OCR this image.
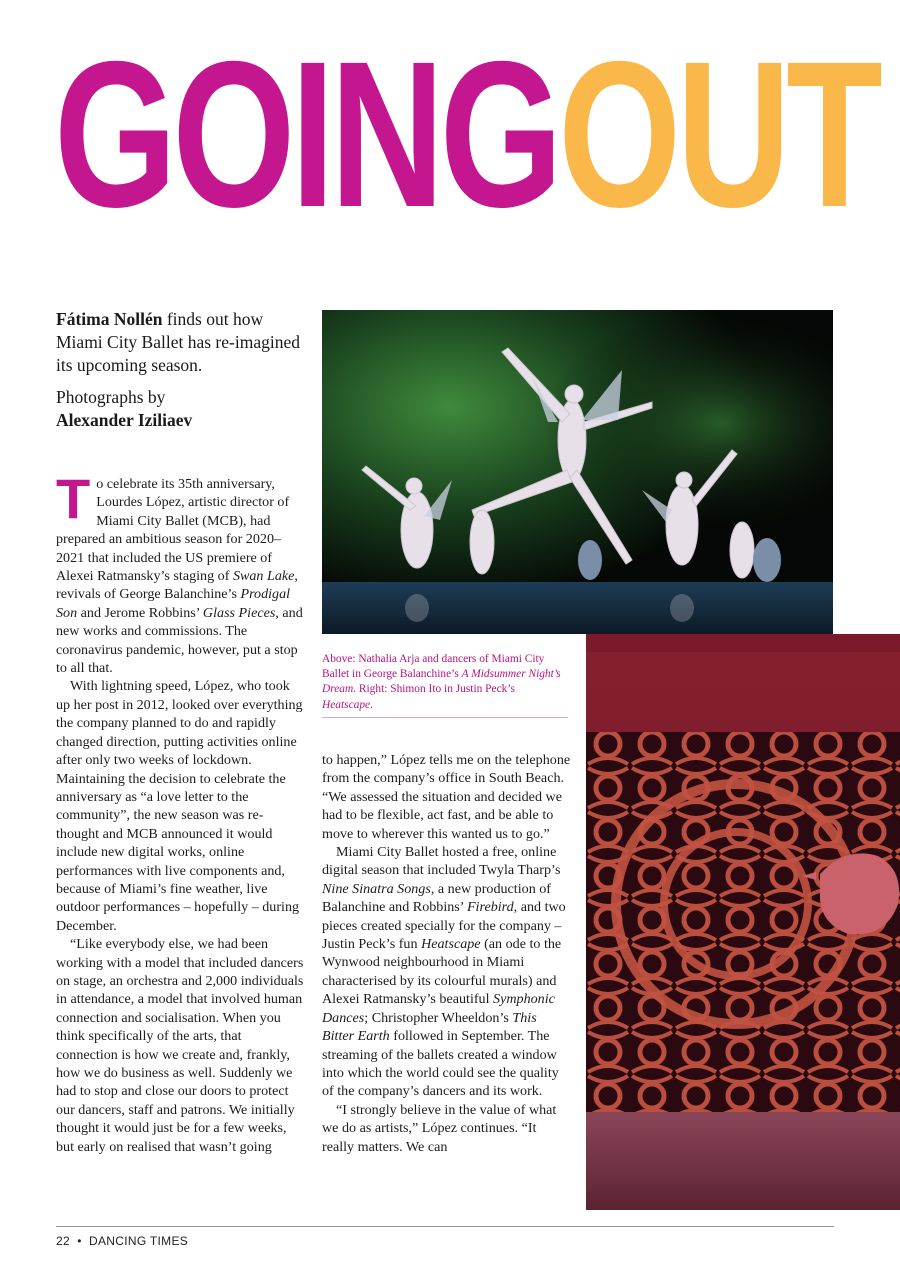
GOINGOUT

Fátima Nollén finds out how Miami City Ballet has re-imagined its upcoming season.

Photographs by
Alexander Iziliaev

To celebrate its 35th anniversary, Lourdes López, artistic director of Miami City Ballet (MCB), had prepared an ambitious season for 2020–2021 that included the US premiere of Alexei Ratmansky’s staging of Swan Lake, revivals of George Balanchine’s Prodigal Son and Jerome Robbins’ Glass Pieces, and new works and commissions. The coronavirus pandemic, however, put a stop to all that.

With lightning speed, López, who took up her post in 2012, looked over everything the company planned to do and rapidly changed direction, putting activities online after only two weeks of lockdown. Maintaining the decision to celebrate the anniversary as “a love letter to the community”, the new season was re-thought and MCB announced it would include new digital works, online performances with live components and, because of Miami’s fine weather, live outdoor performances – hopefully – during December.

“Like everybody else, we had been working with a model that included dancers on stage, an orchestra and 2,000 individuals in attendance, a model that involved human connection and socialisation. When you think specifically of the arts, that connection is how we create and, frankly, how we do business as well. Suddenly we had to stop and close our doors to protect our dancers, staff and patrons. We initially thought it would just be for a few weeks, but early on realised that wasn’t going

Above: Nathalia Arja and dancers of Miami City Ballet in George Balanchine’s A Midsummer Night’s Dream. Right: Shimon Ito in Justin Peck’s Heatscape.

to happen,” López tells me on the telephone from the company’s office in South Beach. “We assessed the situation and decided we had to be flexible, act fast, and be able to move to wherever this wanted us to go.”

Miami City Ballet hosted a free, online digital season that included Twyla Tharp’s Nine Sinatra Songs, a new production of Balanchine and Robbins’ Firebird, and two pieces created specially for the company – Justin Peck’s fun Heatscape (an ode to the Wynwood neighbourhood in Miami characterised by its colourful murals) and Alexei Ratmansky’s beautiful Symphonic Dances; Christopher Wheeldon’s This Bitter Earth followed in September. The streaming of the ballets created a window into which the world could see the quality of the company’s dancers and its work.

“I strongly believe in the value of what we do as artists,” López continues. “It really matters. We can

22 • DANCING TIMES
